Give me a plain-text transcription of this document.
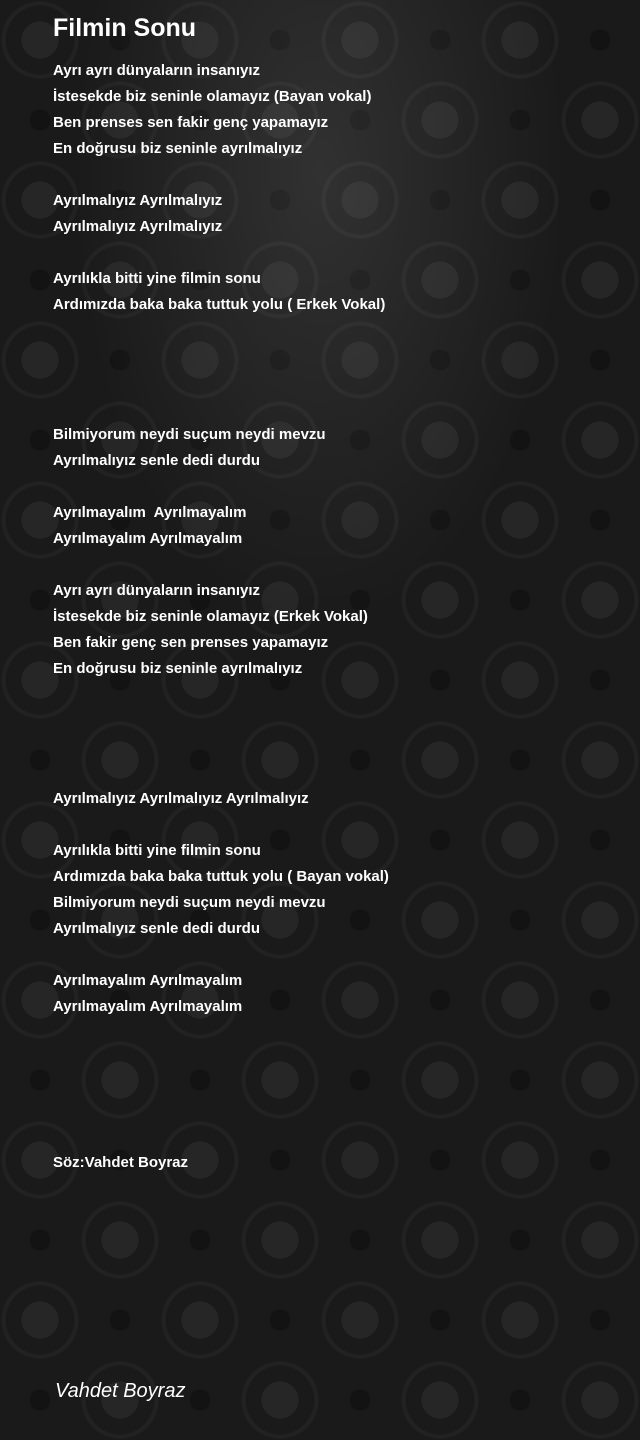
Filmin Sonu
Ayrı ayrı dünyaların insanıyız
İstesekde biz seninle olamayız (Bayan vokal)
Ben prenses sen fakir genç yapamayız
En doğrusu biz seninle ayrılmalıyız
Ayrılmalıyız Ayrılmalıyız
Ayrılmalıyız Ayrılmalıyız
Ayrılıkla bitti yine filmin sonu
Ardımızda baka baka tuttuk yolu ( Erkek Vokal)
Bilmiyorum neydi suçum neydi mevzu
Ayrılmalıyız senle dedi durdu
Ayrılmayalım  Ayrılmayalım
Ayrılmayalım Ayrılmayalım
Ayrı ayrı dünyaların insanıyız
İstesekde biz seninle olamayız (Erkek Vokal)
Ben fakir genç sen prenses yapamayız
En doğrusu biz seninle ayrılmalıyız
Ayrılmalıyız Ayrılmalıyız Ayrılmalıyız
Ayrılıkla bitti yine filmin sonu
Ardımızda baka baka tuttuk yolu ( Bayan vokal)
Bilmiyorum neydi suçum neydi mevzu
Ayrılmalıyız senle dedi durdu
Ayrılmayalım Ayrılmayalım
Ayrılmayalım Ayrılmayalım
Söz:Vahdet Boyraz
Vahdet Boyraz
